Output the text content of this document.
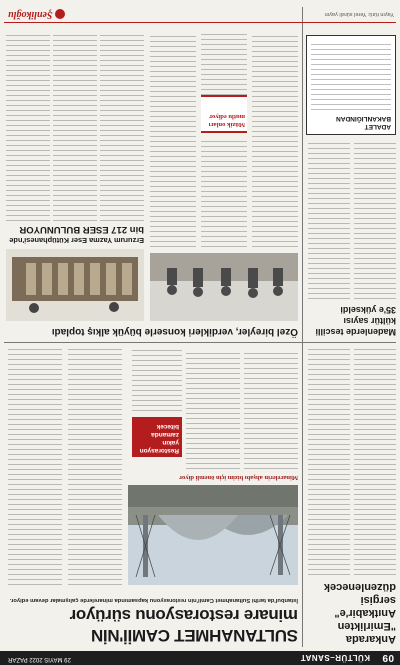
09
KÜLTÜR–SANAT
29 MAYIS 2022 PAZAR
Ankarada
"Emirlikten
Anıtkabir'e"
sergisi
düzenlenecek
SULTANAHMET CAMİİ'NİN
minare restorasyonu sürüyor
İstanbul'da tarihi Sultanahmet Camii'nin restorasyonu kapsamında minarelerde çalışmalar devam ediyor.
Minarelerin ahşabı bizim için önemli diyor
Restorasyon yakın zamanda bitecek
Madenlerde tescilli
kültür sayısı
35'e yükseldi
ADALET
BAKANLIĞINDAN
Özel bireyler, verdikleri konserle büyük alkış topladı
Müzik onları mutlu ediyor
Erzurum Yazma Eser Kütüphanesi'nde
bin 217 ESER BULUNUYOR
Yayın türü: Yerel süreli yayın
Şenlikoğlu
